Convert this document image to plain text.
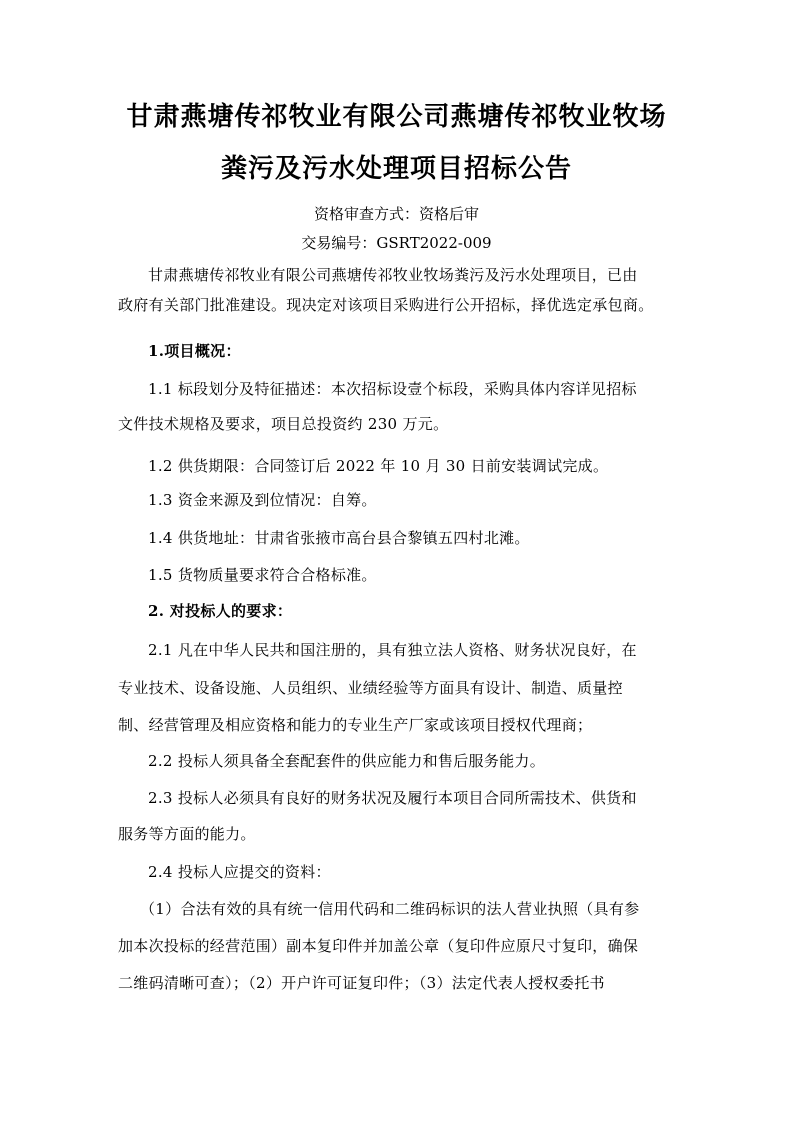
甘肃燕塘传祁牧业有限公司燕塘传祁牧业牧场
粪污及污水处理项目招标公告
资格审查方式：资格后审
交易编号：GSRT2022-009
甘肃燕塘传祁牧业有限公司燕塘传祁牧业牧场粪污及污水处理项目，已由
政府有关部门批准建设。现决定对该项目采购进行公开招标，择优选定承包商。
1.项目概况：
1.1 标段划分及特征描述：本次招标设壹个标段，采购具体内容详见招标
文件技术规格及要求，项目总投资约 230 万元。
1.2 供货期限：合同签订后 2022 年 10 月 30 日前安装调试完成。
1.3 资金来源及到位情况：自筹。
1.4 供货地址：甘肃省张掖市高台县合黎镇五四村北滩。
1.5 货物质量要求符合合格标准。
2. 对投标人的要求：
2.1 凡在中华人民共和国注册的，具有独立法人资格、财务状况良好，在
专业技术、设备设施、人员组织、业绩经验等方面具有设计、制造、质量控
制、经营管理及相应资格和能力的专业生产厂家或该项目授权代理商；
2.2 投标人须具备全套配套件的供应能力和售后服务能力。
2.3 投标人必须具有良好的财务状况及履行本项目合同所需技术、供货和
服务等方面的能力。
2.4 投标人应提交的资料：
（1）合法有效的具有统一信用代码和二维码标识的法人营业执照（具有参
加本次投标的经营范围）副本复印件并加盖公章（复印件应原尺寸复印，确保
二维码清晰可查）；（2）开户许可证复印件；（3）法定代表人授权委托书
